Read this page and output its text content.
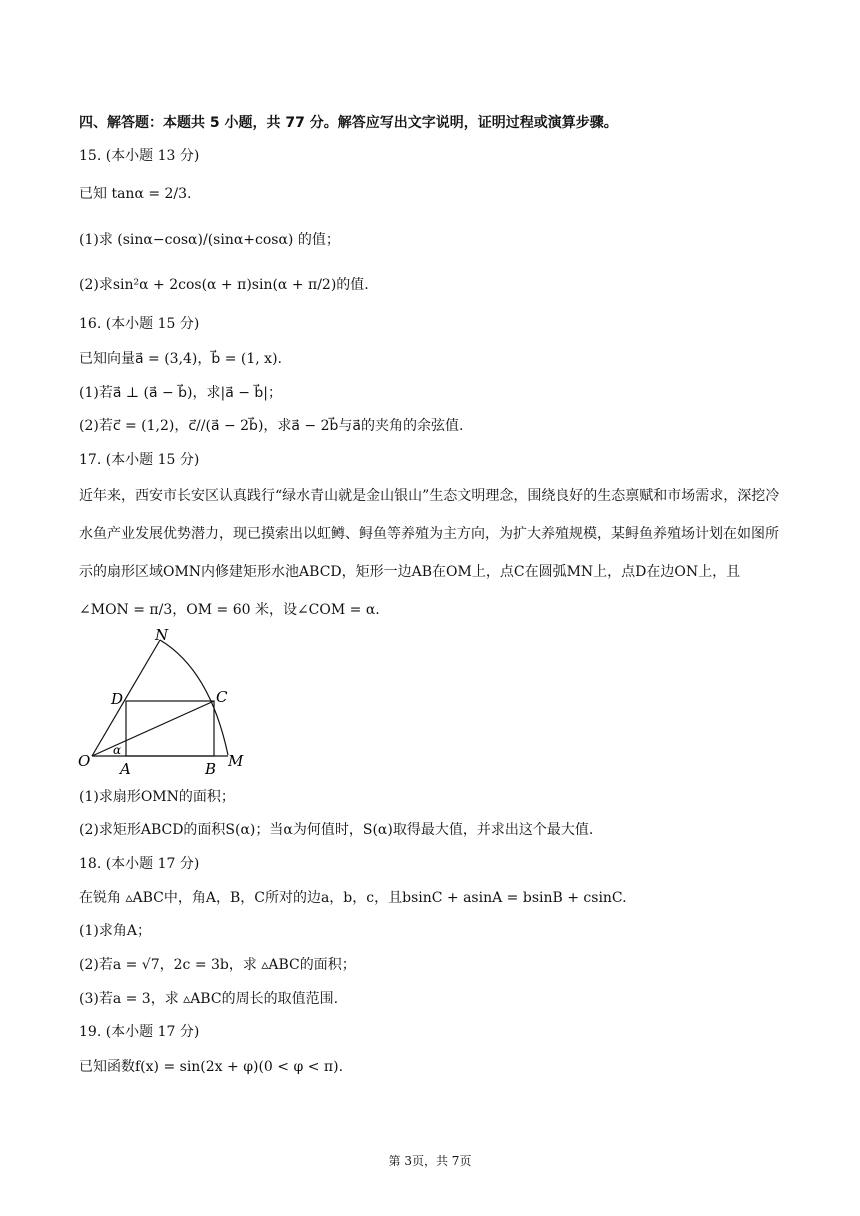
四、解答题：本题共 5 小题，共 77 分。解答应写出文字说明，证明过程或演算步骤。
15. (本小题 13 分)
已知 tanα = 2/3.
(1)求 (sinα−cosα)/(sinα+cosα) 的值；
(2)求sin²α + 2cos(α + π)sin(α + π/2)的值.
16. (本小题 15 分)
已知向量a⃗ = (3,4)，b⃗ = (1, x).
(1)若a⃗ ⊥ (a⃗ − b⃗)，求|a⃗ − b⃗|；
(2)若c⃗ = (1,2)，c⃗//(a⃗ − 2b⃗)，求a⃗ − 2b⃗与a⃗的夹角的余弦值.
17. (本小题 15 分)
近年来，西安市长安区认真践行“绿水青山就是金山银山”生态文明理念，围绕良好的生态禀赋和市场需求，深挖冷水鱼产业发展优势潜力，现已摸索出以虹鳟、鲟鱼等养殖为主方向，为扩大养殖规模，某鲟鱼养殖场计划在如图所示的扇形区域OMN内修建矩形水池ABCD，矩形一边AB在OM上，点C在圆弧MN上，点D在边ON上，且∠MON = π/3，OM = 60 米，设∠COM = α.
N
D	C
O A	B M
α
(1)求扇形OMN的面积；
(2)求矩形ABCD的面积S(α)；当α为何值时，S(α)取得最大值，并求出这个最大值.
18. (本小题 17 分)
在锐角 ▵ABC中，角A，B，C所对的边a，b，c，且bsinC + asinA = bsinB + csinC.
(1)求角A；
(2)若a = √7，2c = 3b，求 ▵ABC的面积；
(3)若a = 3，求 ▵ABC的周长的取值范围.
19. (本小题 17 分)
已知函数f(x) = sin(2x + φ)(0 < φ < π).
第 3页，共 7页
